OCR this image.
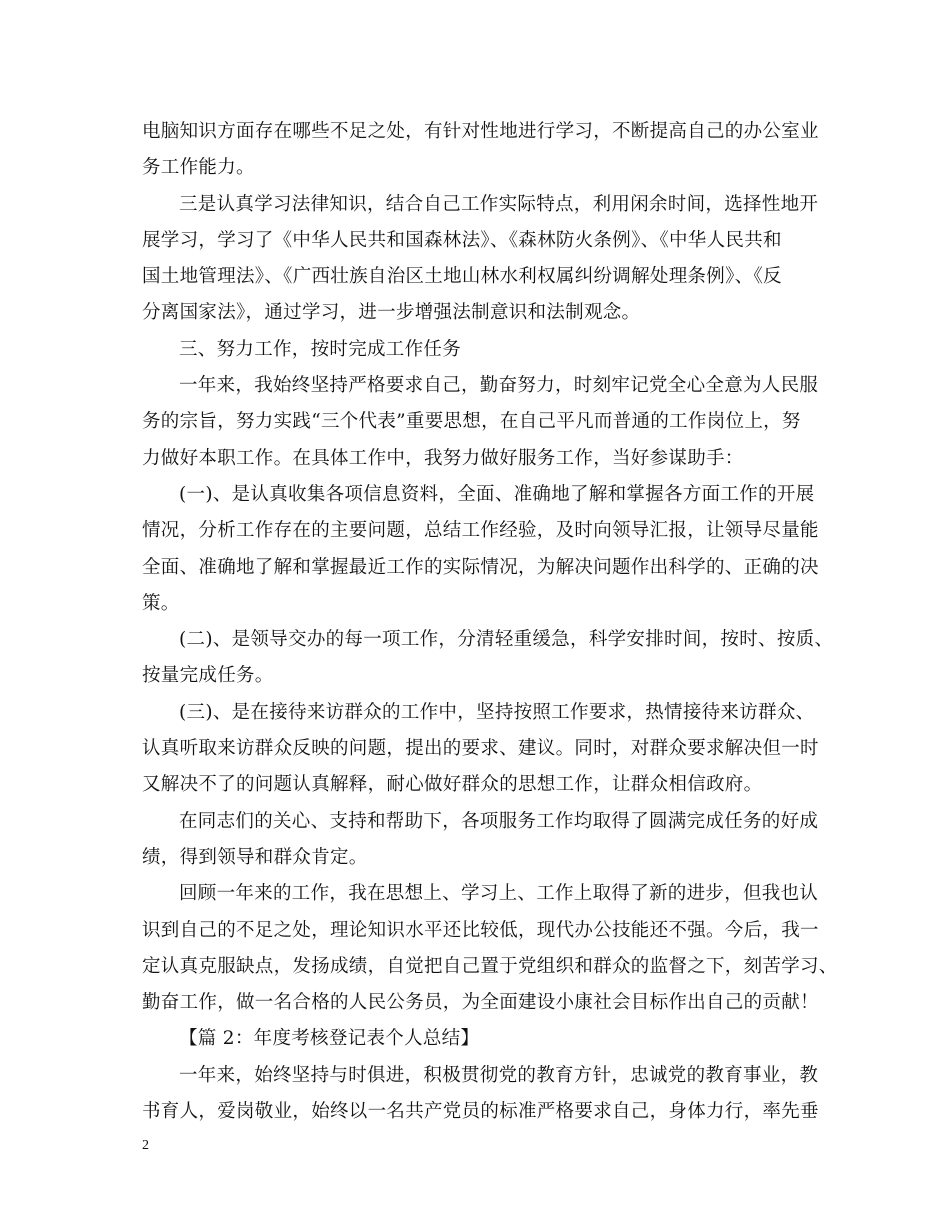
电脑知识方面存在哪些不足之处，有针对性地进行学习，不断提高自己的办公室业
务工作能力。

三是认真学习法律知识，结合自己工作实际特点，利用闲余时间，选择性地开
展学习，学习了《中华人民共和国森林法》、《森林防火条例》、《中华人民共和
国土地管理法》、《广西壮族自治区土地山林水利权属纠纷调解处理条例》、《反
分离国家法》，通过学习，进一步增强法制意识和法制观念。

三、努力工作，按时完成工作任务

一年来，我始终坚持严格要求自己，勤奋努力，时刻牢记党全心全意为人民服
务的宗旨，努力实践“三个代表”重要思想，在自己平凡而普通的工作岗位上，努
力做好本职工作。在具体工作中，我努力做好服务工作，当好参谋助手：

(一)、是认真收集各项信息资料，全面、准确地了解和掌握各方面工作的开展
情况，分析工作存在的主要问题，总结工作经验，及时向领导汇报，让领导尽量能
全面、准确地了解和掌握最近工作的实际情况，为解决问题作出科学的、正确的决
策。

(二)、是领导交办的每一项工作，分清轻重缓急，科学安排时间，按时、按质、
按量完成任务。

(三)、是在接待来访群众的工作中，坚持按照工作要求，热情接待来访群众、
认真听取来访群众反映的问题，提出的要求、建议。同时，对群众要求解决但一时
又解决不了的问题认真解释，耐心做好群众的思想工作，让群众相信政府。

在同志们的关心、支持和帮助下，各项服务工作均取得了圆满完成任务的好成
绩，得到领导和群众肯定。

回顾一年来的工作，我在思想上、学习上、工作上取得了新的进步，但我也认
识到自己的不足之处，理论知识水平还比较低，现代办公技能还不强。今后，我一
定认真克服缺点，发扬成绩，自觉把自己置于党组织和群众的监督之下，刻苦学习、
勤奋工作，做一名合格的人民公务员，为全面建设小康社会目标作出自己的贡献！

【篇 2：年度考核登记表个人总结】

一年来，始终坚持与时俱进，积极贯彻党的教育方针，忠诚党的教育事业，教
书育人，爱岗敬业，始终以一名共产党员的标准严格要求自己，身体力行，率先垂

2
